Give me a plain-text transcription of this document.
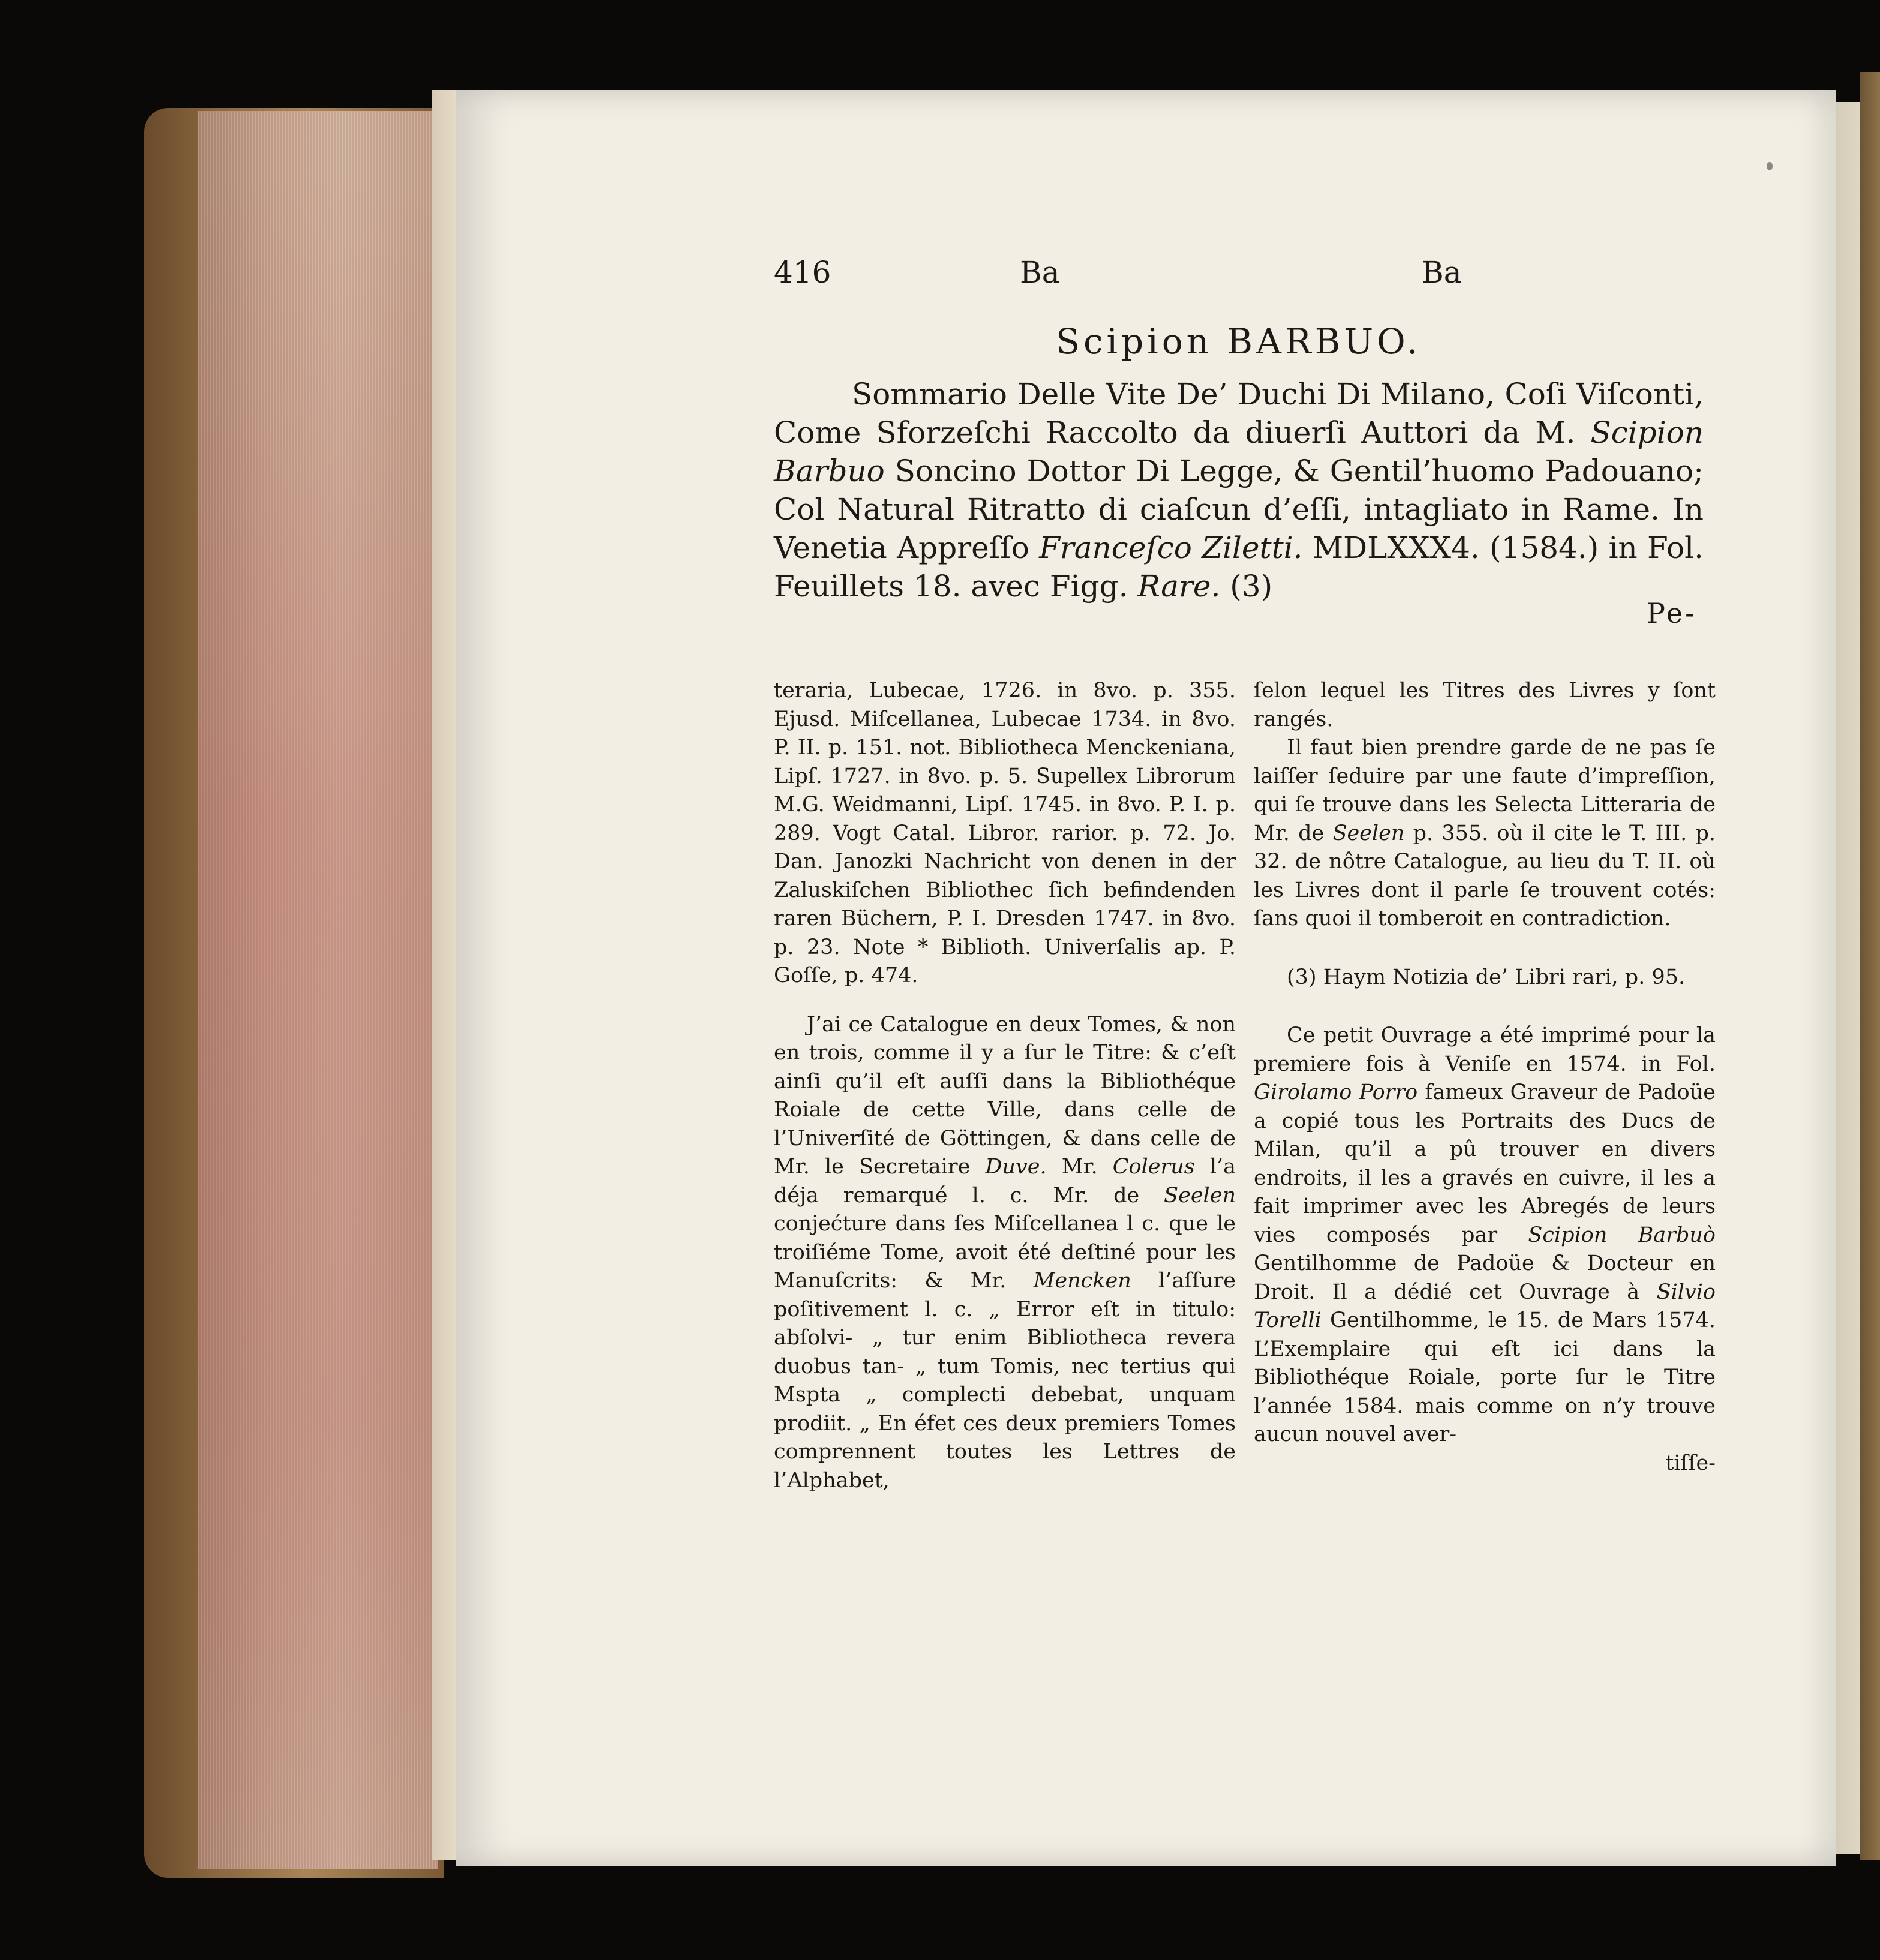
416	Ba	Ba
Scipion BARBUO.
Sommario Delle Vite De’ Duchi Di Milano, Coſi Viſconti, Come Sforzeſchi Raccolto da diuerſi Auttori da M. Scipion Barbuo Soncino Dottor Di Legge, & Gentil’huomo Padouano; Col Natural Ritratto di ciaſcun d’eſſi, intagliato in Rame. In Venetia Appreſſo Franceſco Ziletti. MDLXXX4. (1584.) in Fol. Feuillets 18. avec Figg. Rare. (3)
Pe-

teraria, Lubecae, 1726. in 8vo. p. 355. Ejusd. Miſcellanea, Lubecae 1734. in 8vo. P. II. p. 151. not. Bibliotheca Menckeniana, Lipſ. 1727. in 8vo. p. 5. Supellex Librorum M.G. Weidmanni, Lipſ. 1745. in 8vo. P. I. p. 289. Vogt Catal. Libror. rarior. p. 72. Jo. Dan. Janozki Nachricht von denen in der Zaluskiſchen Bibliothec ſich befindenden raren Büchern, P. I. Dresden 1747. in 8vo. p. 23. Note * Biblioth. Univerſalis ap. P. Goſſe, p. 474.

J’ai ce Catalogue en deux Tomes, & non en trois, comme il y a ſur le Titre: & c’eſt ainſi qu’il eſt auſſi dans la Bibliothéque Roiale de cette Ville, dans celle de l’Univerſité de Göttingen, & dans celle de Mr. le Secretaire Duve. Mr. Colerus l’a déja remarqué l. c. Mr. de Seelen conjećture dans ſes Miſcellanea l c. que le troiſiéme Tome, avoit été deſtiné pour les Manuſcrits: & Mr. Mencken l’aſſure poſitivement l. c. „ Error eſt in titulo: abſolvi- „ tur enim Bibliotheca revera duobus tan- „ tum Tomis, nec tertius qui Mspta „ complecti debebat, unquam prodiit. „ En éfet ces deux premiers Tomes comprennent toutes les Lettres de l’Alphabet,

ſelon lequel les Titres des Livres y ſont rangés.

Il faut bien prendre garde de ne pas ſe laiſſer ſeduire par une faute d’impreſſion, qui ſe trouve dans les Selecta Litteraria de Mr. de Seelen p. 355. où il cite le T. III. p. 32. de nôtre Catalogue, au lieu du T. II. où les Livres dont il parle ſe trouvent cotés: ſans quoi il tomberoit en contradiction.

(3) Haym Notizia de’ Libri rari, p. 95.

Ce petit Ouvrage a été imprimé pour la premiere fois à Veniſe en 1574. in Fol. Girolamo Porro fameux Graveur de Padoüe a copié tous les Portraits des Ducs de Milan, qu’il a pû trouver en divers endroits, il les a gravés en cuivre, il les a fait imprimer avec les Abregés de leurs vies composés par Scipion Barbuò Gentilhomme de Padoüe & Docteur en Droit. Il a dédié cet Ouvrage à Silvio Torelli Gentilhomme, le 15. de Mars 1574. L’Exemplaire qui eſt ici dans la Bibliothéque Roiale, porte ſur le Titre l’année 1584. mais comme on n’y trouve aucun nouvel aver-

tiſſe-
